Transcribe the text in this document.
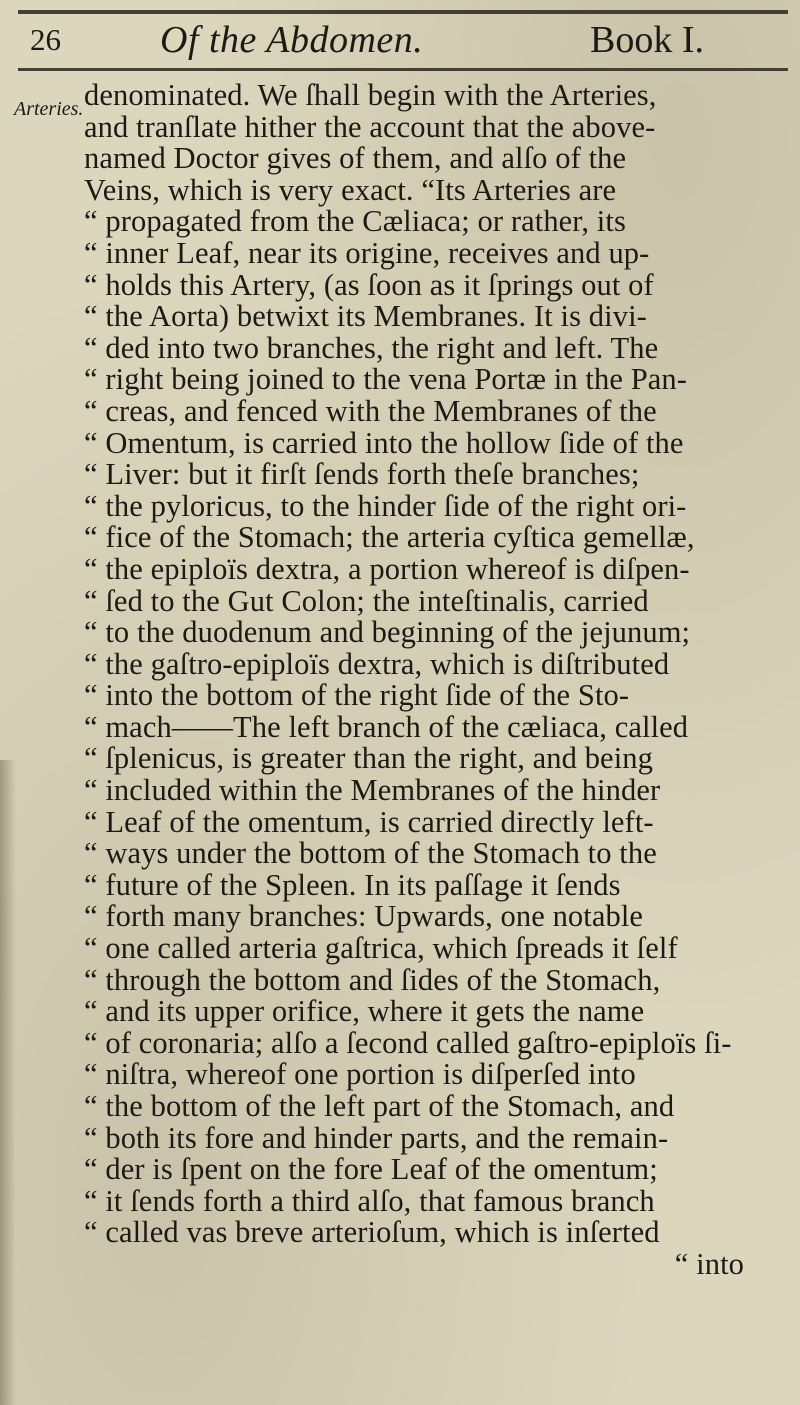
26	Of the Abdomen.	Book I.
Arteries. denominated. We ſhall begin with the Arteries,
and tranſlate hither the account that the above-
named Doctor gives of them, and alſo of the
Veins, which is very exact. “Its Arteries are
“ propagated from the Cæliaca; or rather, its
“ inner Leaf, near its origine, receives and up-
“ holds this Artery, (as ſoon as it ſprings out of
“ the Aorta) betwixt its Membranes. It is divi-
“ ded into two branches, the right and left. The
“ right being joined to the vena Portæ in the Pan-
“ creas, and fenced with the Membranes of the
“ Omentum, is carried into the hollow ſide of the
“ Liver: but it firſt ſends forth theſe branches;
“ the pyloricus, to the hinder ſide of the right ori-
“ fice of the Stomach; the arteria cyſtica gemellæ,
“ the epiploïs dextra, a portion whereof is diſpen-
“ ſed to the Gut Colon; the inteſtinalis, carried
“ to the duodenum and beginning of the jejunum;
“ the gaſtro-epiploïs dextra, which is diſtributed
“ into the bottom of the right ſide of the Sto-
“ mach——The left branch of the cæliaca, called
“ ſplenicus, is greater than the right, and being
“ included within the Membranes of the hinder
“ Leaf of the omentum, is carried directly left-
“ ways under the bottom of the Stomach to the
“ future of the Spleen. In its paſſage it ſends
“ forth many branches: Upwards, one notable
“ one called arteria gaſtrica, which ſpreads it ſelf
“ through the bottom and ſides of the Stomach,
“ and its upper orifice, where it gets the name
“ of coronaria; alſo a ſecond called gaſtro-epiploïs ſi-
“ niſtra, whereof one portion is diſperſed into
“ the bottom of the left part of the Stomach, and
“ both its fore and hinder parts, and the remain-
“ der is ſpent on the fore Leaf of the omentum;
“ it ſends forth a third alſo, that famous branch
“ called vas breve arterioſum, which is inſerted
“ into
